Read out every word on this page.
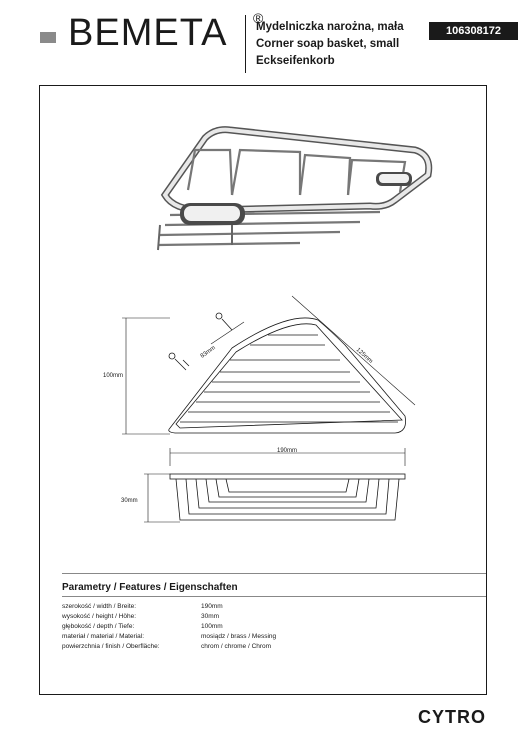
BEMETA ®
Mydelniczka narożna, mała
Corner soap basket, small
Eckseifenkorb
106308172
100mm
190mm
125mm
83mm
30mm
Parametry / Features / Eigenschaften
szerokość / width / Breite:	190mm
wysokość / height / Höhe:	30mm
głębokość / depth / Tiefe:	100mm
materiał / material / Material:	mosiądz / brass / Messing
powierzchnia / finish / Oberfläche:	chrom / chrome / Chrom
CYTRO
